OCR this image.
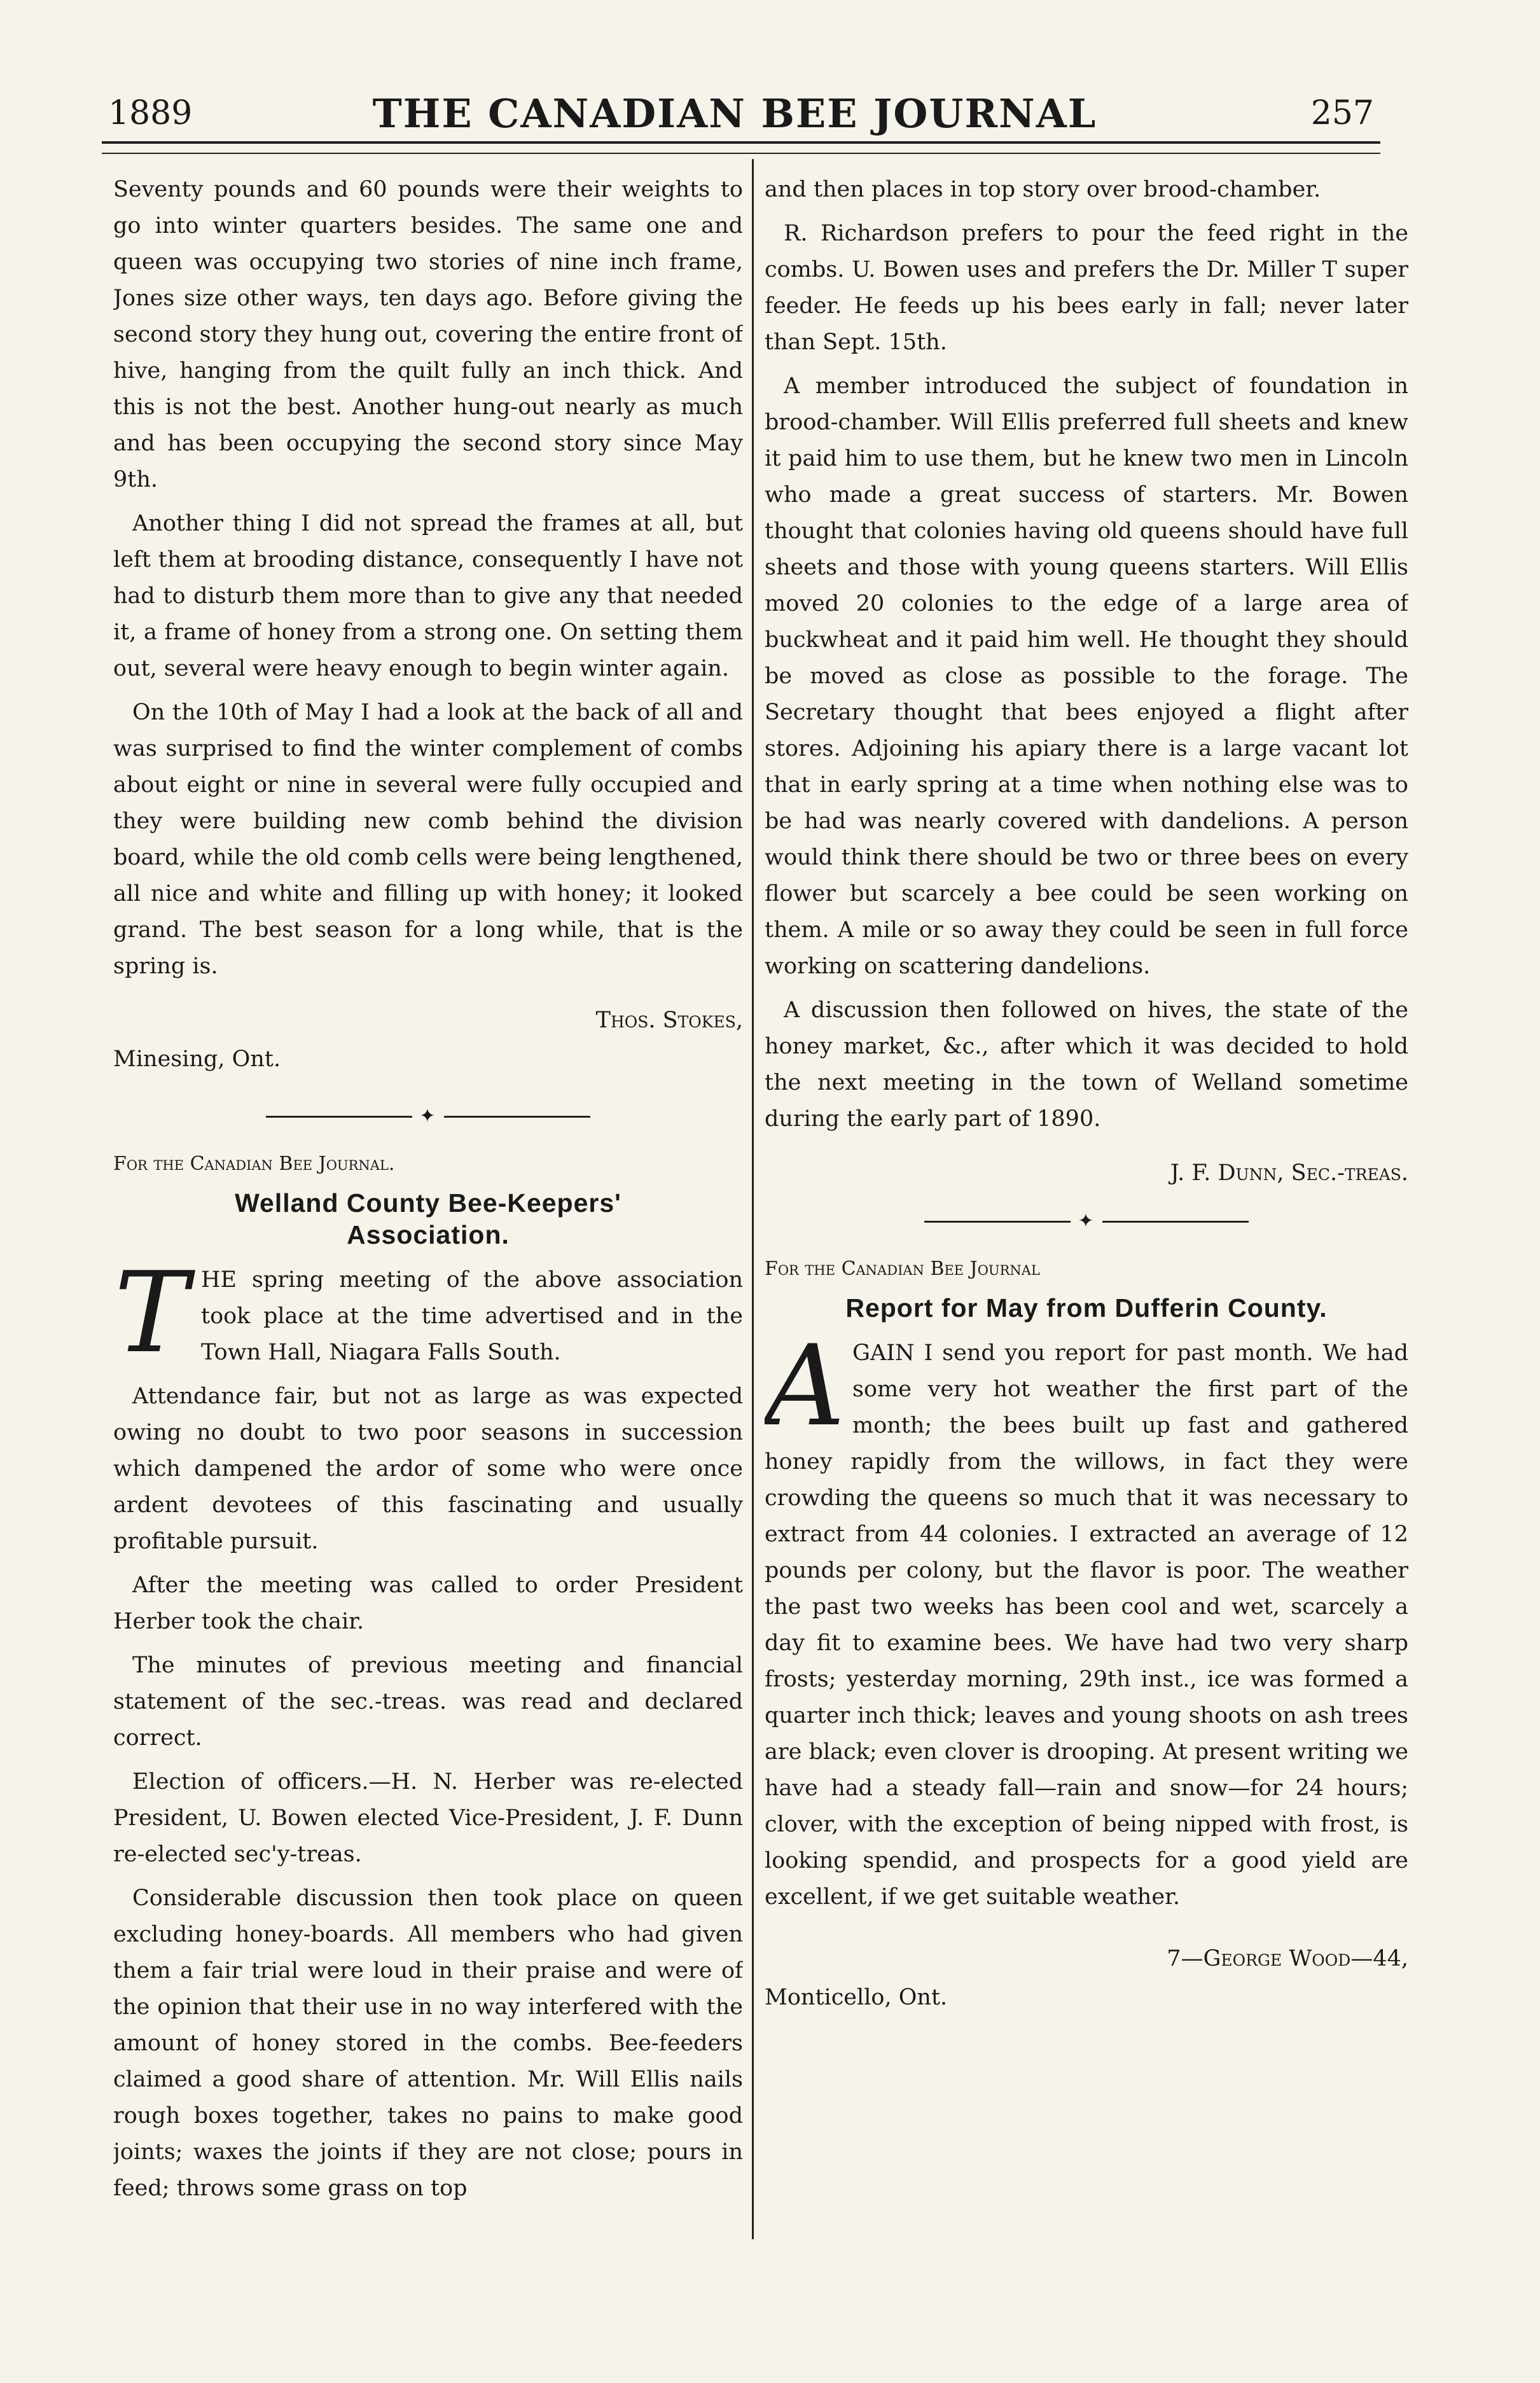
1889	THE CANADIAN BEE JOURNAL	257

Seventy pounds and 60 pounds were their weights to go into winter quarters besides. The same one and queen was occupying two stories of nine inch frame, Jones size other ways, ten days ago. Before giving the second story they hung out, covering the entire front of hive, hanging from the quilt fully an inch thick. And this is not the best. Another hung-out nearly as much and has been occupying the second story since May 9th.

Another thing I did not spread the frames at all, but left them at brooding distance, consequently I have not had to disturb them more than to give any that needed it, a frame of honey from a strong one. On setting them out, several were heavy enough to begin winter again.

On the 10th of May I had a look at the back of all and was surprised to find the winter complement of combs about eight or nine in several were fully occupied and they were building new comb behind the division board, while the old comb cells were being lengthened, all nice and white and filling up with honey; it looked grand. The best season for a long while, that is the spring is.

Thos. Stokes,

Minesing, Ont.

✦

For the Canadian Bee Journal.

Welland County Bee-Keepers'
Association.

THE spring meeting of the above association took place at the time advertised and in the Town Hall, Niagara Falls South.

Attendance fair, but not as large as was expected owing no doubt to two poor seasons in succession which dampened the ardor of some who were once ardent devotees of this fascinating and usually profitable pursuit.

After the meeting was called to order President Herber took the chair.

The minutes of previous meeting and financial statement of the sec.-treas. was read and declared correct.

Election of officers.—H. N. Herber was re-elected President, U. Bowen elected Vice-President, J. F. Dunn re-elected sec'y-treas.

Considerable discussion then took place on queen excluding honey-boards. All members who had given them a fair trial were loud in their praise and were of the opinion that their use in no way interfered with the amount of honey stored in the combs. Bee-feeders claimed a good share of attention. Mr. Will Ellis nails rough boxes together, takes no pains to make good joints; waxes the joints if they are not close; pours in feed; throws some grass on top

and then places in top story over brood-chamber.

R. Richardson prefers to pour the feed right in the combs. U. Bowen uses and prefers the Dr. Miller T super feeder. He feeds up his bees early in fall; never later than Sept. 15th.

A member introduced the subject of foundation in brood-chamber. Will Ellis preferred full sheets and knew it paid him to use them, but he knew two men in Lincoln who made a great success of starters. Mr. Bowen thought that colonies having old queens should have full sheets and those with young queens starters. Will Ellis moved 20 colonies to the edge of a large area of buckwheat and it paid him well. He thought they should be moved as close as possible to the forage. The Secretary thought that bees enjoyed a flight after stores. Adjoining his apiary there is a large vacant lot that in early spring at a time when nothing else was to be had was nearly covered with dandelions. A person would think there should be two or three bees on every flower but scarcely a bee could be seen working on them. A mile or so away they could be seen in full force working on scattering dandelions.

A discussion then followed on hives, the state of the honey market, &c., after which it was decided to hold the next meeting in the town of Welland sometime during the early part of 1890.

J. F. Dunn, Sec.-treas.

✦

For the Canadian Bee Journal

Report for May from Dufferin County.

AGAIN I send you report for past month. We had some very hot weather the first part of the month; the bees built up fast and gathered honey rapidly from the willows, in fact they were crowding the queens so much that it was necessary to extract from 44 colonies. I extracted an average of 12 pounds per colony, but the flavor is poor. The weather the past two weeks has been cool and wet, scarcely a day fit to examine bees. We have had two very sharp frosts; yesterday morning, 29th inst., ice was formed a quarter inch thick; leaves and young shoots on ash trees are black; even clover is drooping. At present writing we have had a steady fall—rain and snow—for 24 hours; clover, with the exception of being nipped with frost, is looking spendid, and prospects for a good yield are excellent, if we get suitable weather.

7—George Wood—44,

Monticello, Ont.
